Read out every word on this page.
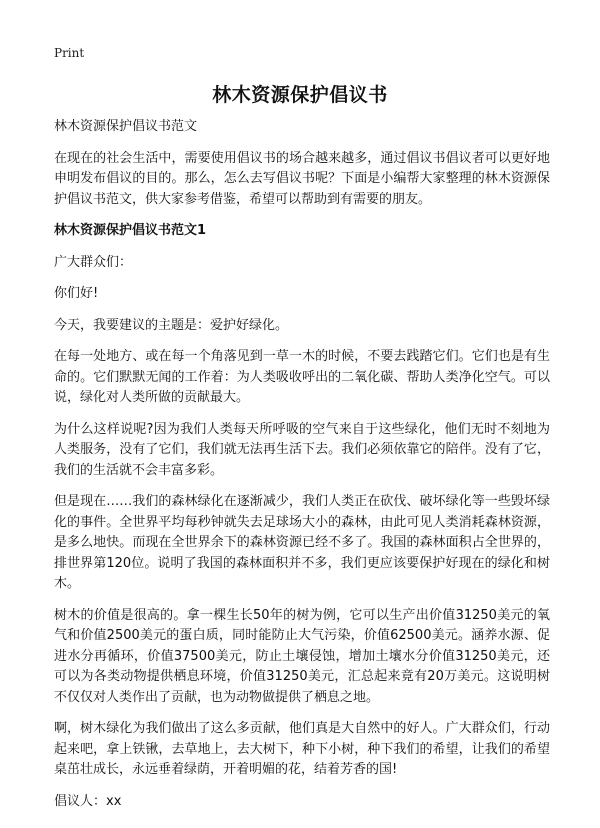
Print
林木资源保护倡议书

林木资源保护倡议书范文

在现在的社会生活中，需要使用倡议书的场合越来越多，通过倡议书倡议者可以更好地申明发布倡议的目的。那么，怎么去写倡议书呢？下面是小编帮大家整理的林木资源保护倡议书范文，供大家参考借鉴，希望可以帮助到有需要的朋友。

林木资源保护倡议书范文1

广大群众们：

你们好!

今天，我要建议的主题是：爱护好绿化。

在每一处地方、或在每一个角落见到一草一木的时候，不要去践踏它们。它们也是有生命的。它们默默无闻的工作着：为人类吸收呼出的二氧化碳、帮助人类净化空气。可以说，绿化对人类所做的贡献最大。

为什么这样说呢?因为我们人类每天所呼吸的空气来自于这些绿化，他们无时不刻地为人类服务，没有了它们，我们就无法再生活下去。我们必须依靠它的陪伴。没有了它，我们的生活就不会丰富多彩。

但是现在……我们的森林绿化在逐渐减少，我们人类正在砍伐、破坏绿化等一些毁坏绿化的事件。全世界平均每秒钟就失去足球场大小的森林，由此可见人类消耗森林资源，是多么地快。而现在全世界余下的森林资源已经不多了。我国的森林面积占全世界的，排世界第120位。说明了我国的森林面积并不多，我们更应该要保护好现在的绿化和树木。

树木的价值是很高的。拿一棵生长50年的树为例，它可以生产出价值31250美元的氧气和价值2500美元的蛋白质，同时能防止大气污染，价值62500美元。涵养水源、促进水分再循环，价值37500美元，防止土壤侵蚀，增加土壤水分价值31250美元，还可以为各类动物提供栖息环境，价值31250美元，汇总起来竟有20万美元。这说明树不仅仅对人类作出了贡献，也为动物做提供了栖息之地。

啊，树木绿化为我们做出了这么多贡献，他们真是大自然中的好人。广大群众们，行动起来吧，拿上铁锹，去草地上，去大树下，种下小树，种下我们的希望，让我们的希望桌茁壮成长，永远垂着绿荫，开着明媚的花，结着芳香的国!

倡议人：xx
